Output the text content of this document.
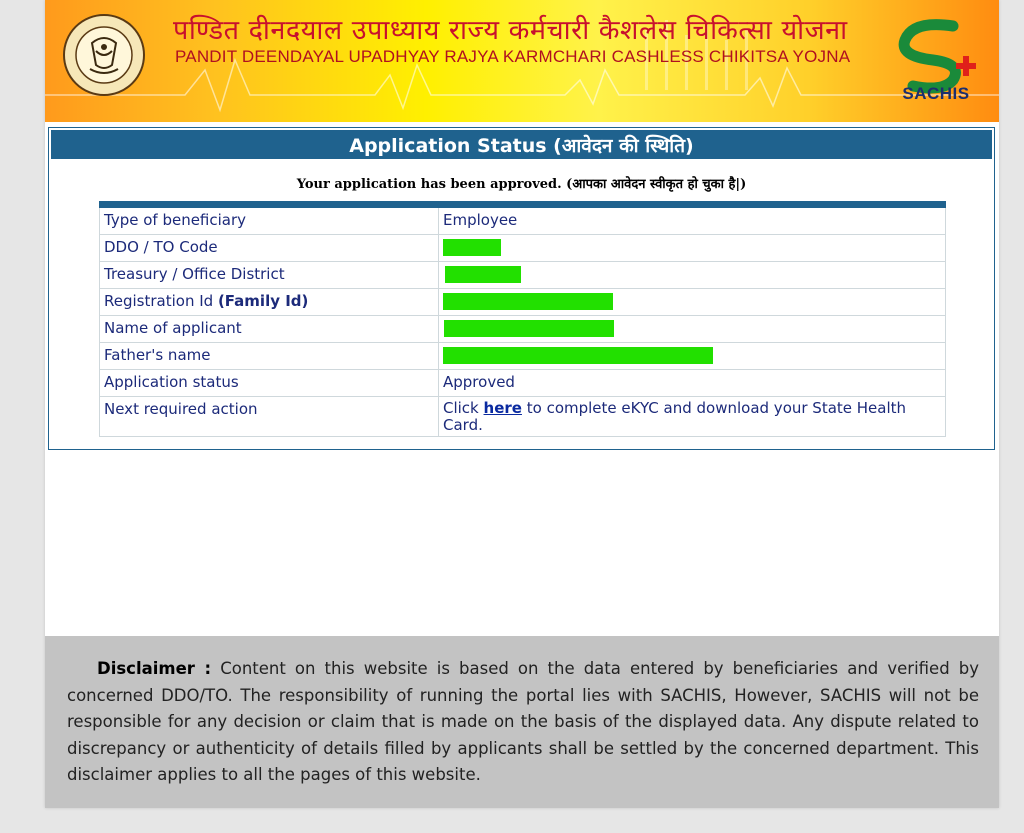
पण्डित दीनदयाल उपाध्याय राज्य कर्मचारी कैशलेस चिकित्सा योजना
PANDIT DEENDAYAL UPADHYAY RAJYA KARMCHARI CASHLESS CHIKITSA YOJNA
SACHIS
Application Status (आवेदन की स्थिति)
Your application has been approved. (आपका आवेदन स्वीकृत हो चुका है|)
Type of beneficiary	Employee
DDO / TO Code	
Treasury / Office District	
Registration Id (Family Id)	
Name of applicant	
Father's name	
Application status	Approved
Next required action	Click here to complete eKYC and download your State Health Card.
Disclaimer : Content on this website is based on the data entered by beneficiaries and verified by concerned DDO/TO. The responsibility of running the portal lies with SACHIS, However, SACHIS will not be responsible for any decision or claim that is made on the basis of the displayed data. Any dispute related to discrepancy or authenticity of details filled by applicants shall be settled by the concerned department. This disclaimer applies to all the pages of this website.
